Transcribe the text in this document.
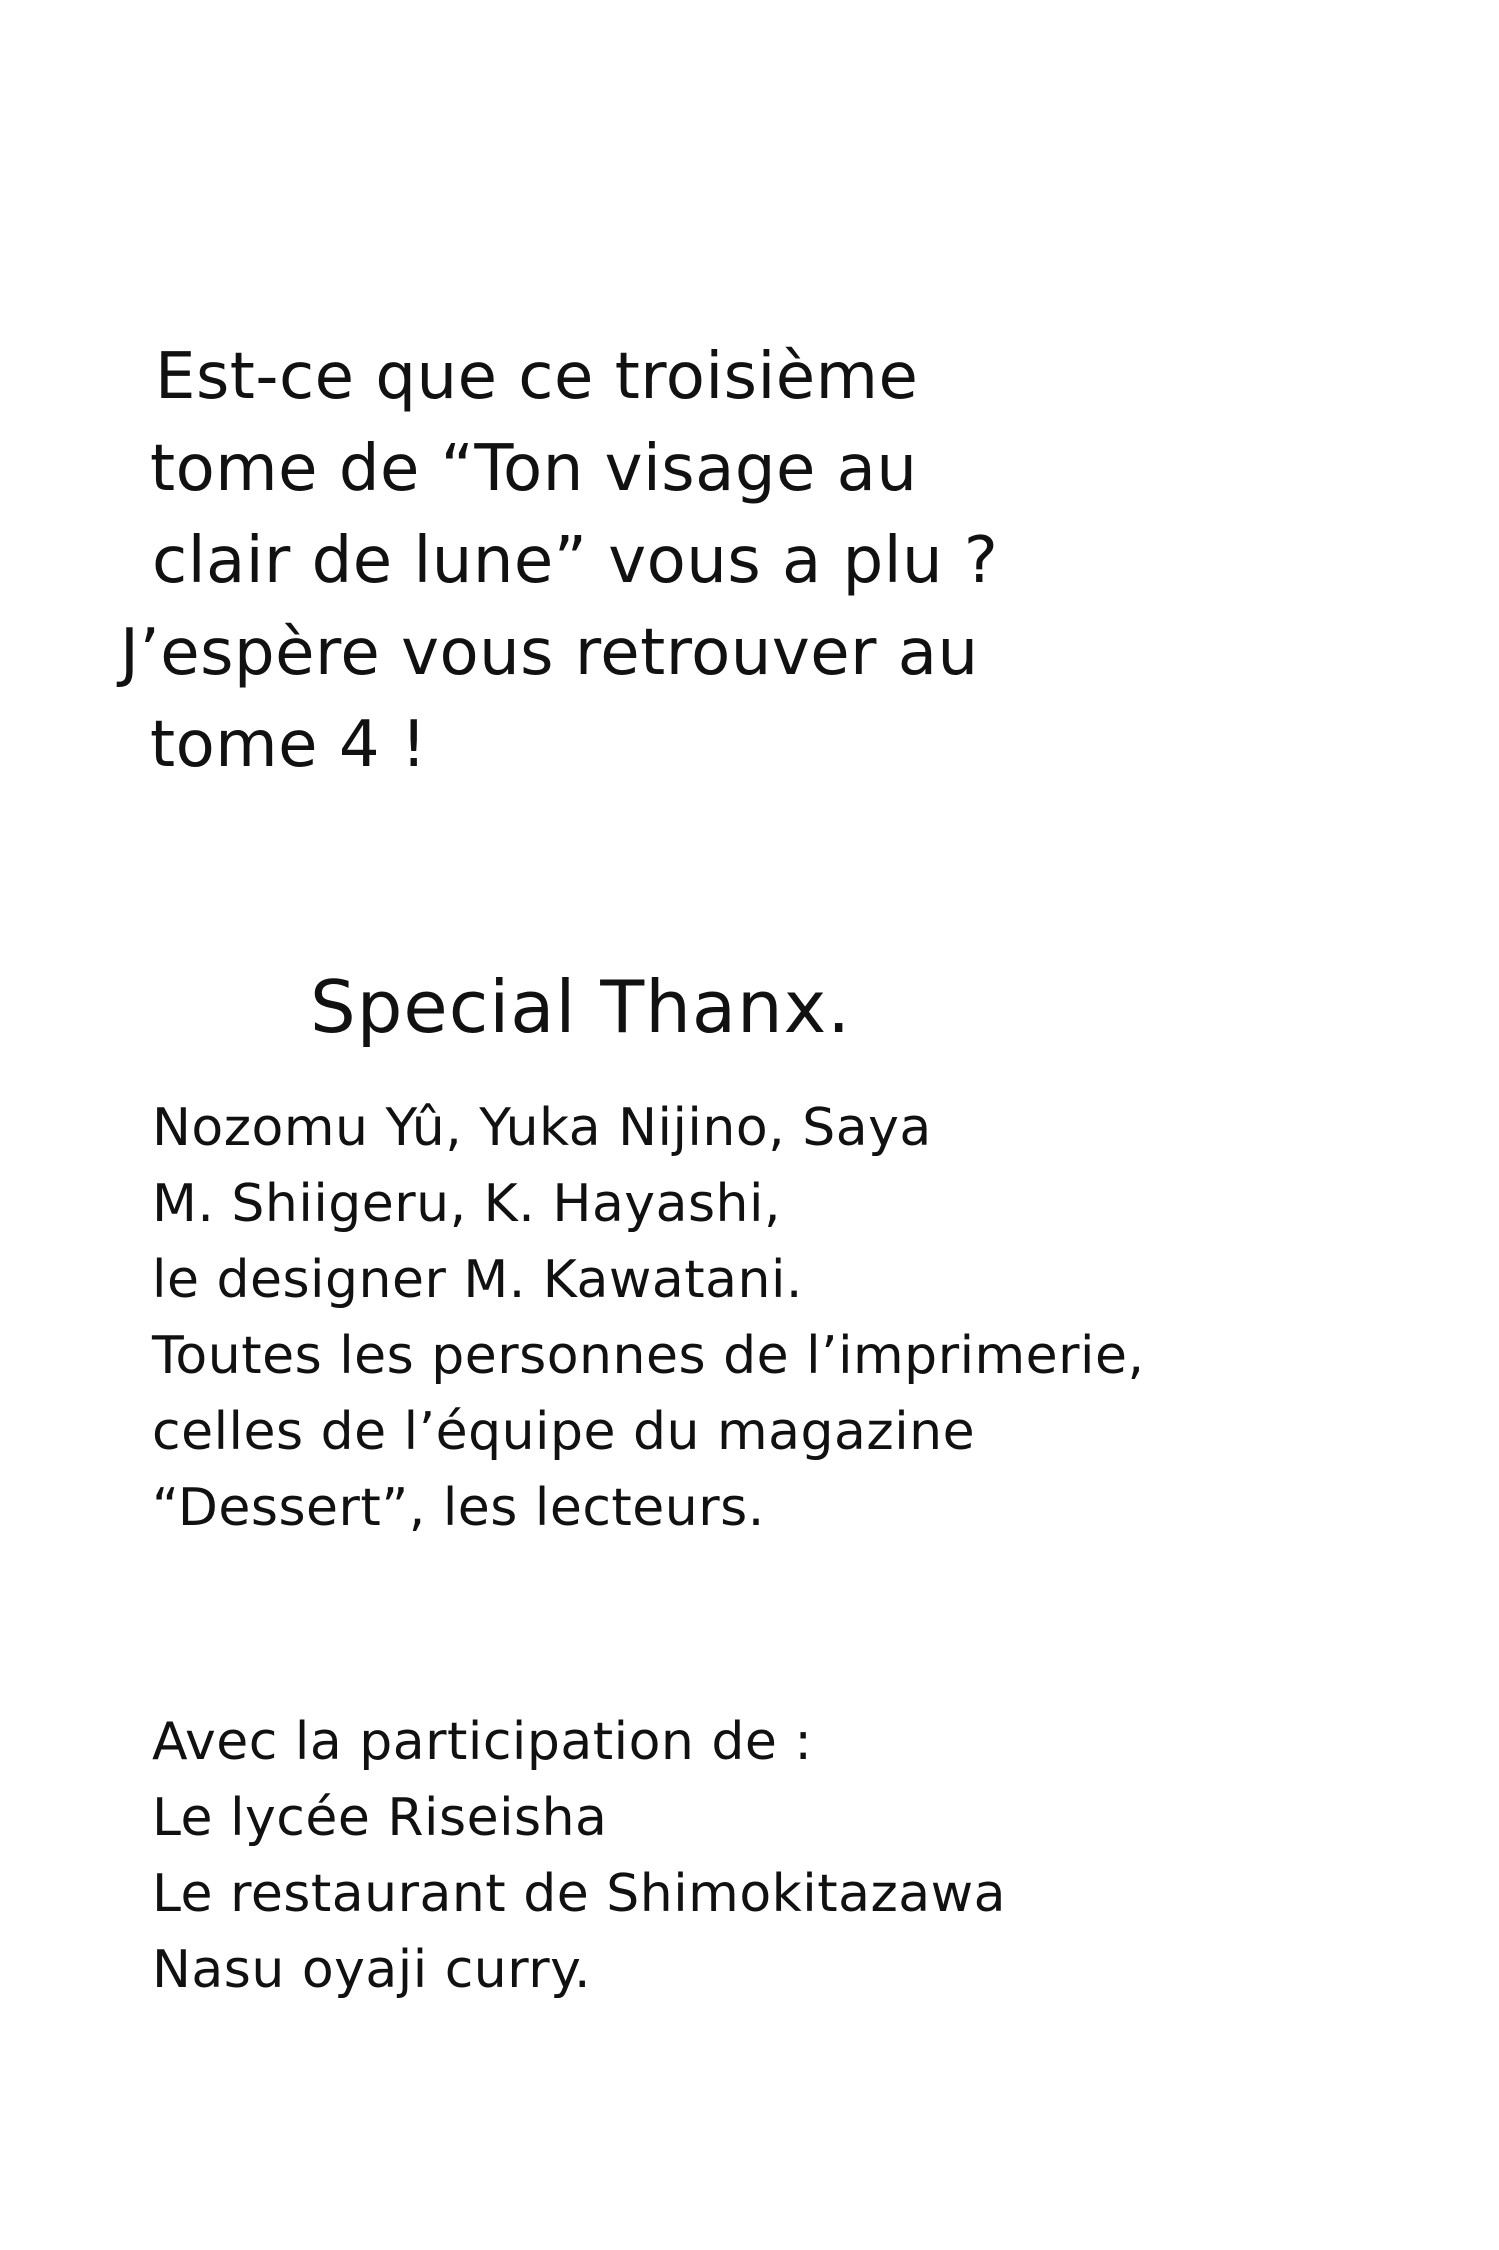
Est-ce que ce troisième
tome de “Ton visage au
clair de lune” vous a plu ?
J’espère vous retrouver au
tome 4 !
Special Thanx.
Nozomu Yû, Yuka Nijino, Saya
M. Shiigeru, K. Hayashi,
le designer M. Kawatani.
Toutes les personnes de l’imprimerie,
celles de l’équipe du magazine
“Dessert”, les lecteurs.
Avec la participation de :
Le lycée Riseisha
Le restaurant de Shimokitazawa
Nasu oyaji curry.
